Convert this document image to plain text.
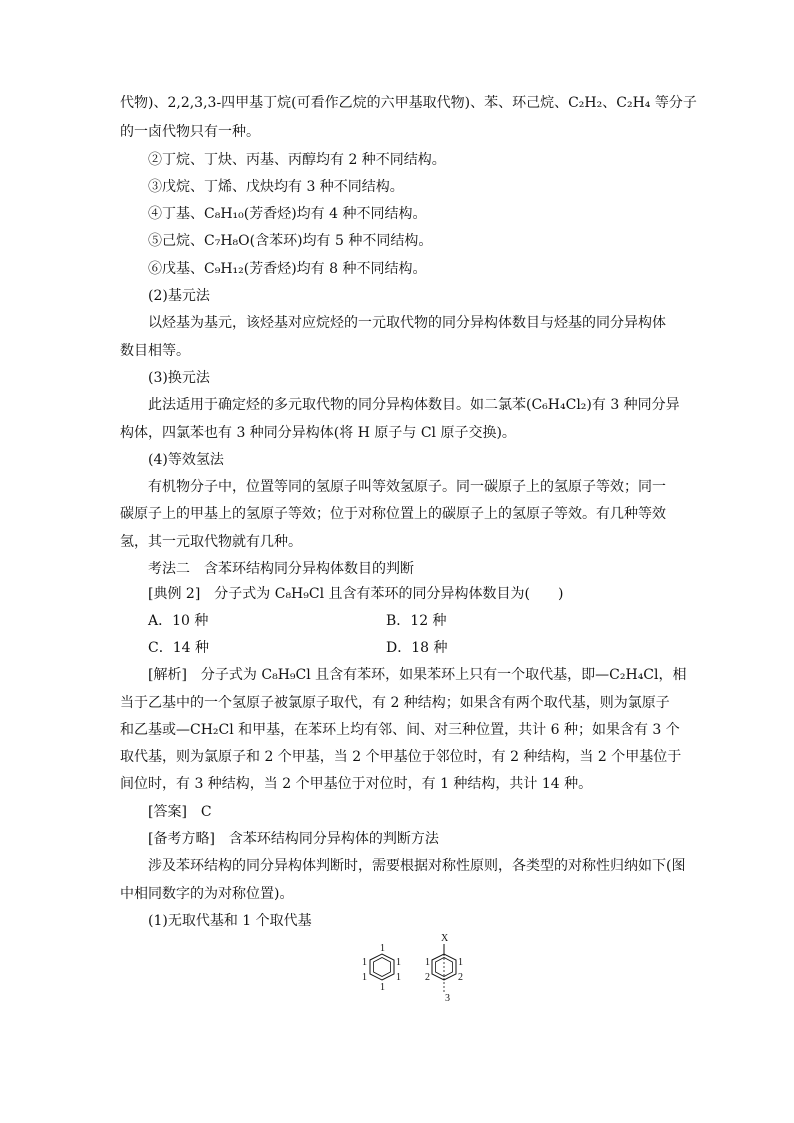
代物)、2,2,3,3-四甲基丁烷(可看作乙烷的六甲基取代物)、苯、环己烷、C₂H₂、C₂H₄ 等分子
的一卤代物只有一种。
②丁烷、丁炔、丙基、丙醇均有 2 种不同结构。
③戊烷、丁烯、戊炔均有 3 种不同结构。
④丁基、C₈H₁₀(芳香烃)均有 4 种不同结构。
⑤己烷、C₇H₈O(含苯环)均有 5 种不同结构。
⑥戊基、C₉H₁₂(芳香烃)均有 8 种不同结构。
(2)基元法
以烃基为基元，该烃基对应烷烃的一元取代物的同分异构体数目与烃基的同分异构体
数目相等。
(3)换元法
此法适用于确定烃的多元取代物的同分异构体数目。如二氯苯(C₆H₄Cl₂)有 3 种同分异
构体，四氯苯也有 3 种同分异构体(将 H 原子与 Cl 原子交换)。
(4)等效氢法
有机物分子中，位置等同的氢原子叫等效氢原子。同一碳原子上的氢原子等效；同一
碳原子上的甲基上的氢原子等效；位于对称位置上的碳原子上的氢原子等效。有几种等效
氢，其一元取代物就有几种。
考法二　含苯环结构同分异构体数目的判断
[典例 2]　分子式为 C₈H₉Cl 且含有苯环的同分异构体数目为(　　)
A．10 种	B．12 种
C．14 种	D．18 种
[解析]　分子式为 C₈H₉Cl 且含有苯环，如果苯环上只有一个取代基，即—C₂H₄Cl，相
当于乙基中的一个氢原子被氯原子取代，有 2 种结构；如果含有两个取代基，则为氯原子
和乙基或—CH₂Cl 和甲基，在苯环上均有邻、间、对三种位置，共计 6 种；如果含有 3 个
取代基，则为氯原子和 2 个甲基，当 2 个甲基位于邻位时，有 2 种结构，当 2 个甲基位于
间位时，有 3 种结构，当 2 个甲基位于对位时，有 1 种结构，共计 14 种。
[答案]　C
[备考方略]　含苯环结构同分异构体的判断方法
涉及苯环结构的同分异构体判断时，需要根据对称性原则，各类型的对称性归纳如下(图
中相同数字的为对称位置)。
(1)无取代基和 1 个取代基
1
1
1
1
1
1
X
1	1
2	2
3
